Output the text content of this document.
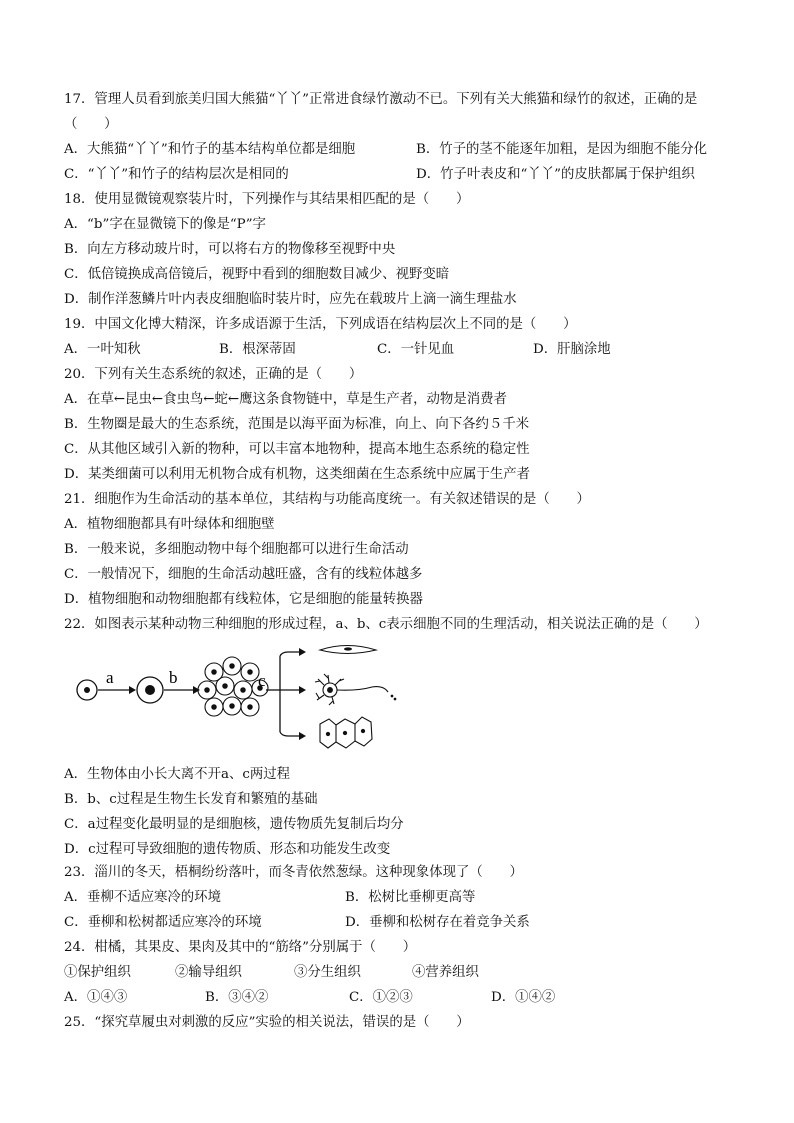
17．管理人员看到旅美归国大熊猫“丫丫”正常进食绿竹激动不已。下列有关大熊猫和绿竹的叙述，正确的是
（　　）
A．大熊猫“丫丫”和竹子的基本结构单位都是细胞	B．竹子的茎不能逐年加粗，是因为细胞不能分化
C．“丫丫”和竹子的结构层次是相同的	D．竹子叶表皮和“丫丫”的皮肤都属于保护组织
18．使用显微镜观察装片时，下列操作与其结果相匹配的是（　　）
A．“b”字在显微镜下的像是“P”字
B．向左方移动玻片时，可以将右方的物像移至视野中央
C．低倍镜换成高倍镜后，视野中看到的细胞数目减少、视野变暗
D．制作洋葱鳞片叶内表皮细胞临时装片时，应先在载玻片上滴一滴生理盐水
19．中国文化博大精深，许多成语源于生活，下列成语在结构层次上不同的是（　　）
A．一叶知秋	B．根深蒂固	C．一针见血	D．肝脑涂地
20．下列有关生态系统的叙述，正确的是（　　）
A．在草←昆虫←食虫鸟←蛇←鹰这条食物链中，草是生产者，动物是消费者
B．生物圈是最大的生态系统，范围是以海平面为标准，向上、向下各约５千米
C．从其他区域引入新的物种，可以丰富本地物种，提高本地生态系统的稳定性
D．某类细菌可以利用无机物合成有机物，这类细菌在生态系统中应属于生产者
21．细胞作为生命活动的基本单位，其结构与功能高度统一。有关叙述错误的是（　　）
A．植物细胞都具有叶绿体和细胞壁
B．一般来说，多细胞动物中每个细胞都可以进行生命活动
C．一般情况下，细胞的生命活动越旺盛，含有的线粒体越多
D．植物细胞和动物细胞都有线粒体，它是细胞的能量转换器
22．如图表示某种动物三种细胞的形成过程，a、b、c表示细胞不同的生理活动，相关说法正确的是（　　）
a	b	c
A．生物体由小长大离不开a、c两过程
B．b、c过程是生物生长发育和繁殖的基础
C．a过程变化最明显的是细胞核，遗传物质先复制后均分
D．c过程可导致细胞的遗传物质、形态和功能发生改变
23．淄川的冬天，梧桐纷纷落叶，而冬青依然葱绿。这种现象体现了（　　）
A．垂柳不适应寒冷的环境	B．松树比垂柳更高等
C．垂柳和松树都适应寒冷的环境	D．垂柳和松树存在着竞争关系
24．柑橘，其果皮、果肉及其中的“筋络”分别属于（　　）
①保护组织	②输导组织	③分生组织	④营养组织
A．①④③	B．③④②	C．①②③	D．①④②
25．“探究草履虫对刺激的反应”实验的相关说法，错误的是（　　）
